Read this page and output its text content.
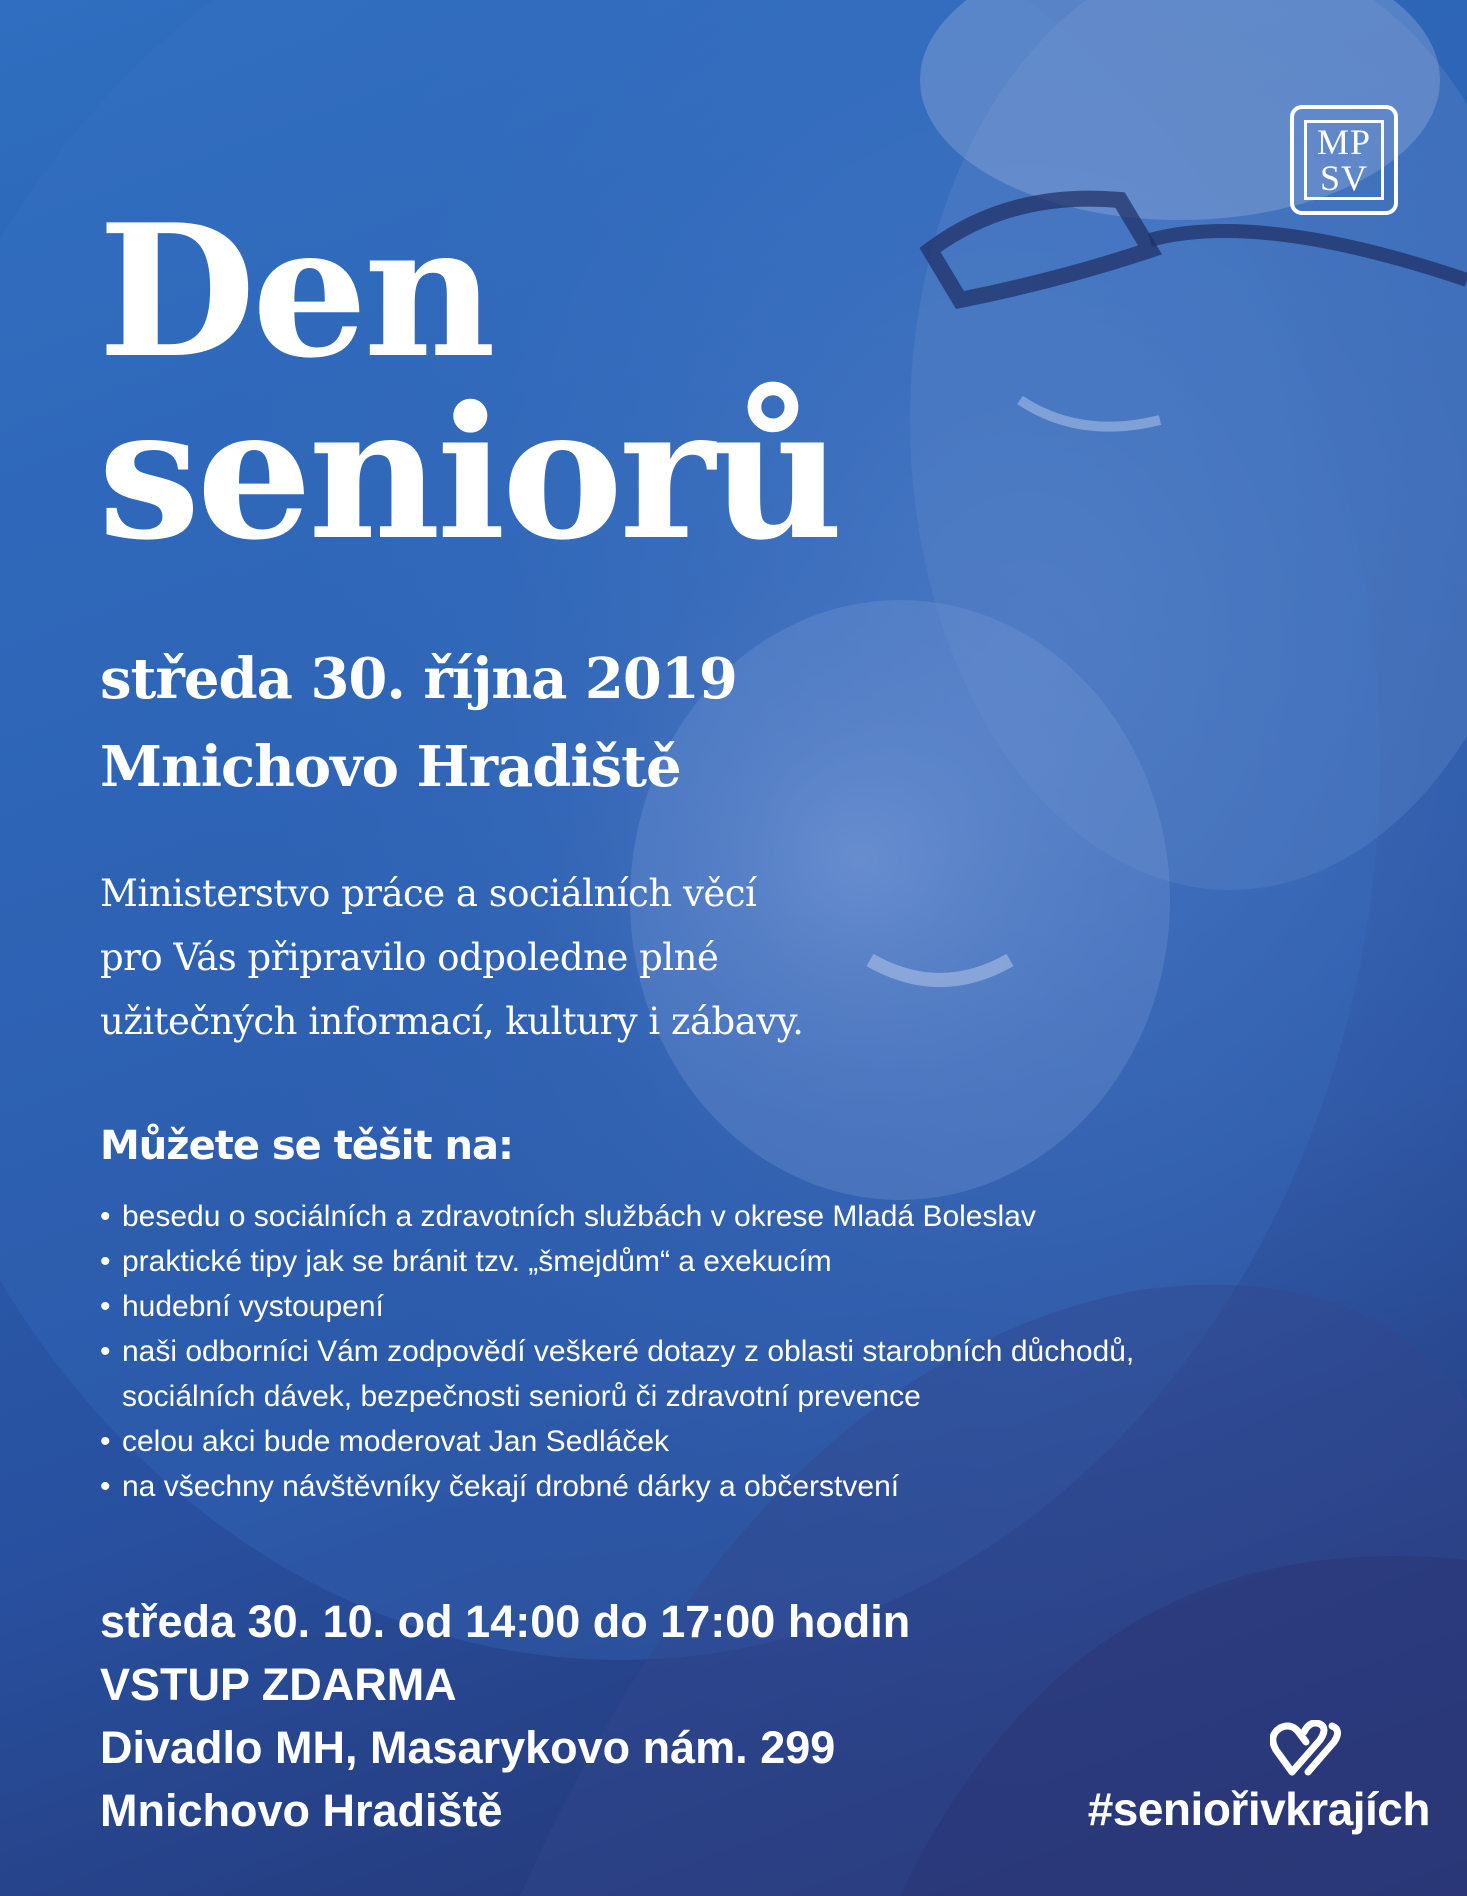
MP
SV
Den
seniorů
středa 30. října 2019
Mnichovo Hradiště
Ministerstvo práce a sociálních věcí
pro Vás připravilo odpoledne plné
užitečných informací, kultury i zábavy.
Můžete se těšit na:
• besedu o sociálních a zdravotních službách v okrese Mladá Boleslav
• praktické tipy jak se bránit tzv. „šmejdům“ a exekucím
• hudební vystoupení
• naši odborníci Vám zodpovědí veškeré dotazy z oblasti starobních důchodů,
sociálních dávek, bezpečnosti seniorů či zdravotní prevence
• celou akci bude moderovat Jan Sedláček
• na všechny návštěvníky čekají drobné dárky a občerstvení
středa 30. 10. od 14:00 do 17:00 hodin
VSTUP ZDARMA
Divadlo MH, Masarykovo nám. 299
Mnichovo Hradiště	#seniořivkrajích
